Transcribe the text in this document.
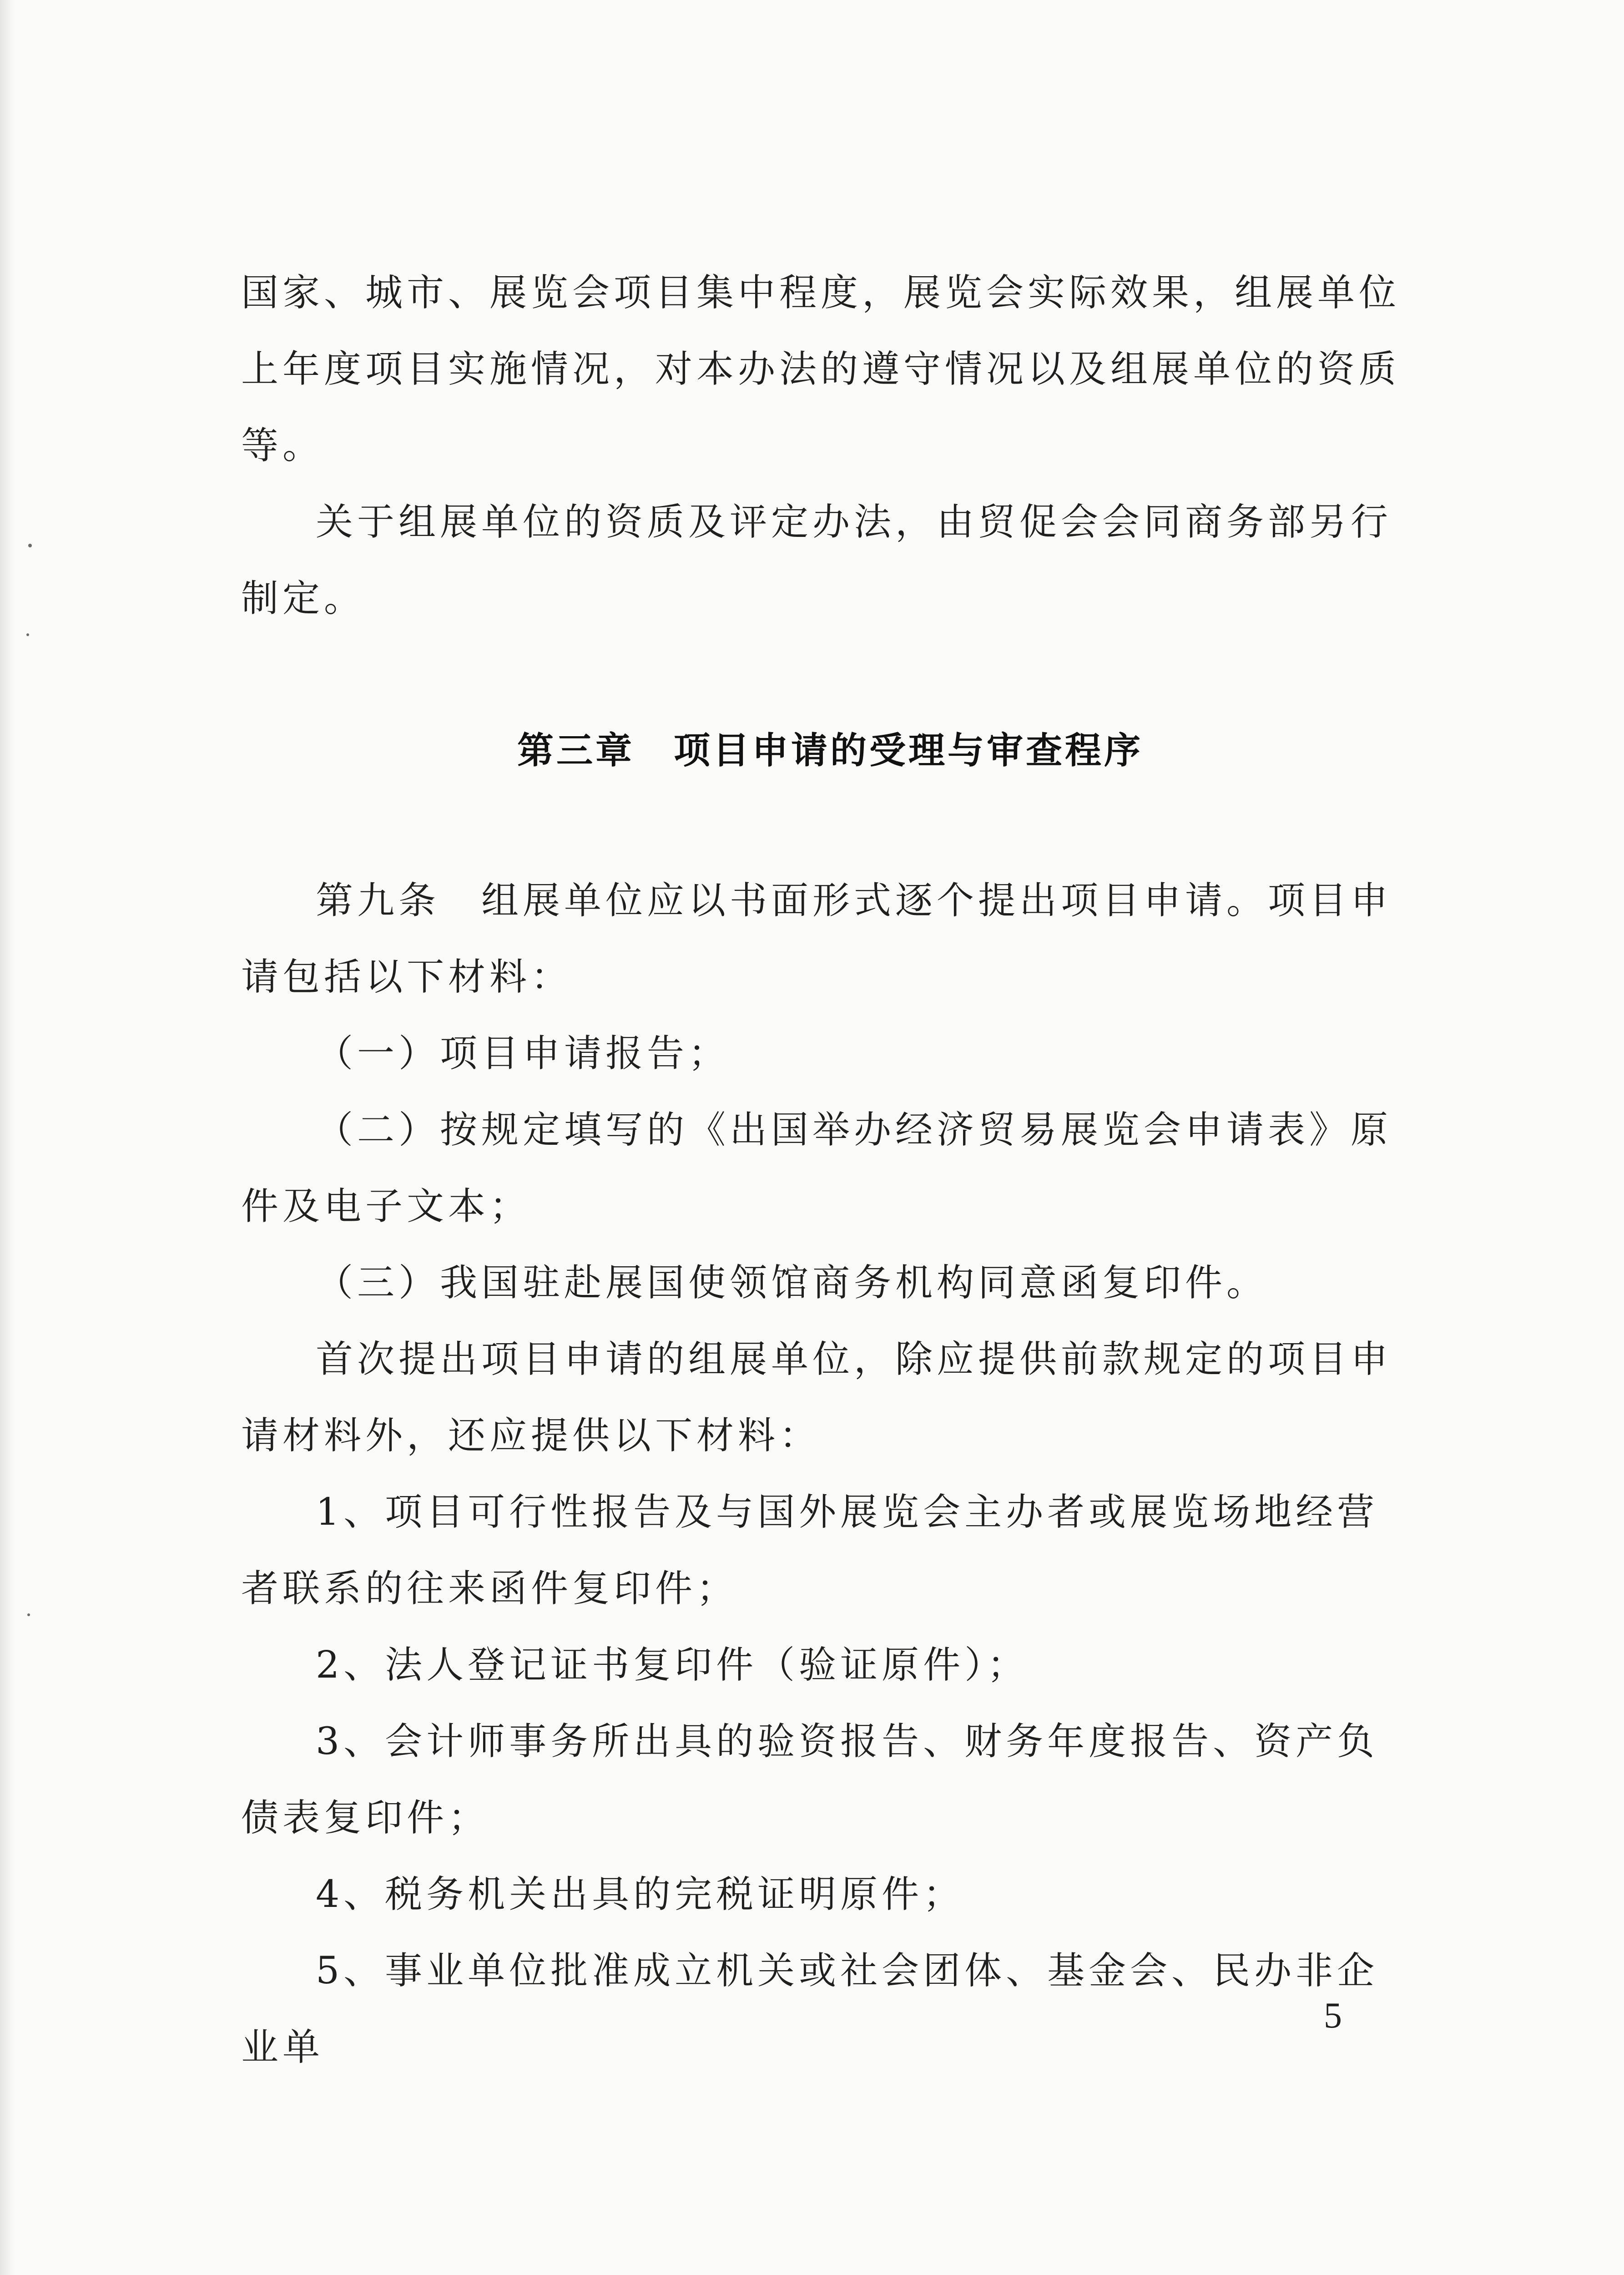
国家、城市、展览会项目集中程度，展览会实际效果，组展单位上年度项目实施情况，对本办法的遵守情况以及组展单位的资质等。

关于组展单位的资质及评定办法，由贸促会会同商务部另行制定。

第三章　项目申请的受理与审查程序

第九条　组展单位应以书面形式逐个提出项目申请。项目申请包括以下材料：

（一）项目申请报告；

（二）按规定填写的《出国举办经济贸易展览会申请表》原件及电子文本；

（三）我国驻赴展国使领馆商务机构同意函复印件。

首次提出项目申请的组展单位，除应提供前款规定的项目申请材料外，还应提供以下材料：

1、项目可行性报告及与国外展览会主办者或展览场地经营者联系的往来函件复印件；

2、法人登记证书复印件（验证原件）；

3、会计师事务所出具的验资报告、财务年度报告、资产负债表复印件；

4、税务机关出具的完税证明原件；

5、事业单位批准成立机关或社会团体、基金会、民办非企业单

5
